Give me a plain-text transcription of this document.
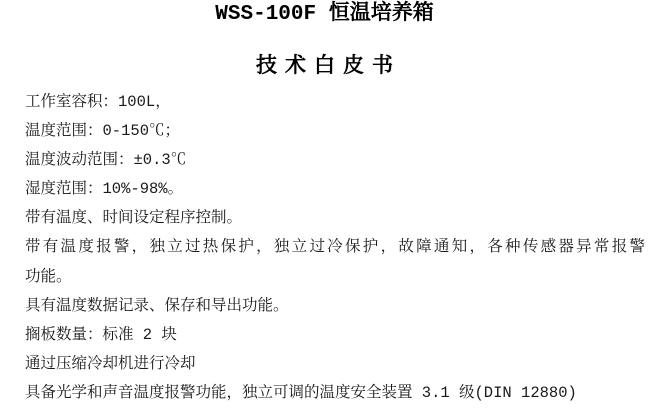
WSS-100F 恒温培养箱
技术白皮书
工作室容积：100L，
温度范围：0-150℃；
温度波动范围：±0.3℃
湿度范围：10%-98%。
带有温度、时间设定程序控制。
带有温度报警，独立过热保护，独立过冷保护，故障通知，各种传感器异常报警
功能。
具有温度数据记录、保存和导出功能。
搁板数量：标准 2 块
通过压缩冷却机进行冷却
具备光学和声音温度报警功能，独立可调的温度安全装置 3.1 级(DIN 12880)
